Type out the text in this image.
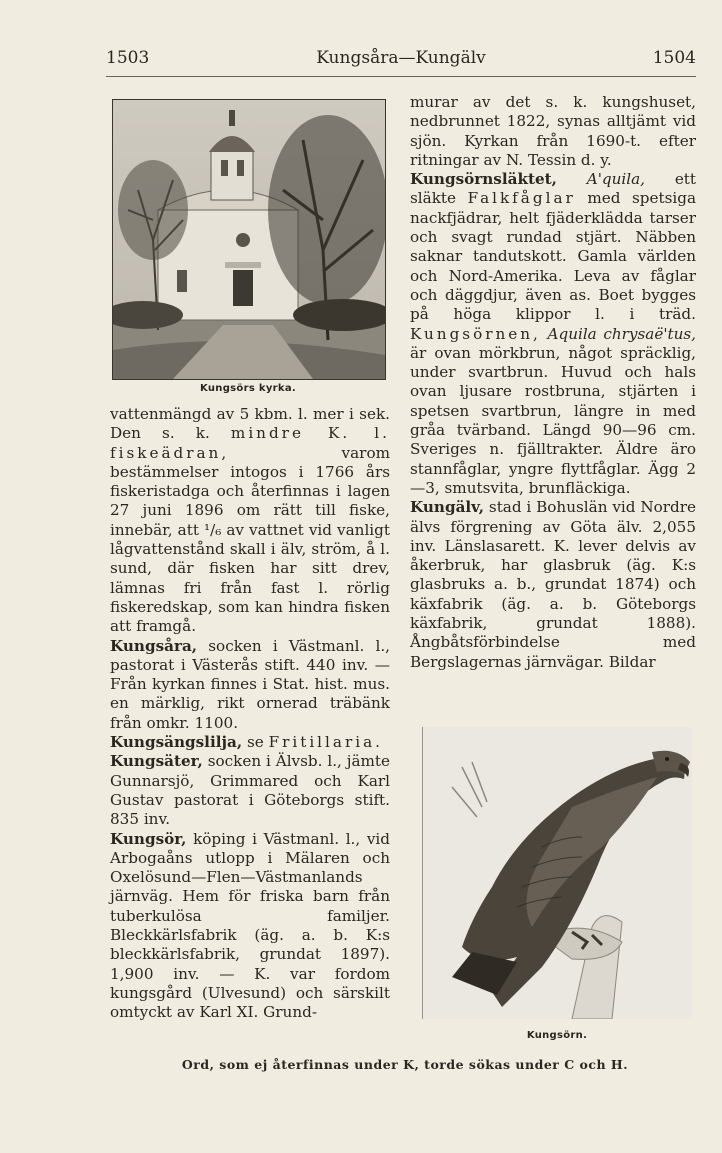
1503	Kungsåra—Kungälv	1504
Kungsörs kyrka.

vattenmängd av 5 kbm. l. mer i sek. Den s. k. mindre K. l. fiskeädran,	varom bestämmelser intogos i 1766 års fiskeristadga och återfinnas i lagen 27 juni 1896 om rätt till fiske, innebär, att ¹/₆ av vattnet vid vanligt lågvattenstånd skall i älv, ström, å l. sund, där fisken har sitt drev, lämnas fri från fast l. rörlig fiskeredskap, som kan hindra fisken att framgå.

Kungsåra, socken i Västmanl. l., pastorat i Västerås stift. 440 inv. — Från kyrkan finnes i Stat. hist. mus. en märklig, rikt ornerad träbänk från omkr. 1100.

Kungsängslilja, se Fritillaria.

Kungsäter, socken i Älvsb. l., jämte Gunnarsjö, Grimmared och Karl Gustav pastorat i Göteborgs stift. 835 inv.

Kungsör, köping i Västmanl. l., vid Arbogaåns utlopp i Mälaren och Oxelösund—Flen—Västmanlands järnväg. Hem för friska barn från tuberkulösa familjer. Bleckkärlsfabrik (äg. a. b. K:s bleckkärlsfabrik, grundat 1897). 1,900 inv. — K. var fordom kungsgård (Ulvesund) och särskilt omtyckt av Karl XI. Grund-

murar av det s. k. kungshuset, nedbrunnet 1822, synas alltjämt vid sjön. Kyrkan från 1690-t. efter ritningar av N. Tessin d. y.

Kungsörnsläktet, A'quila, ett släkte Falkfåglar med spetsiga nackfjädrar, helt fjäderklädda tarser och svagt rundad stjärt. Näbben saknar tandutskott. Gamla världen och Nord-Amerika. Leva av fåglar och däggdjur, även as. Boet bygges på höga klippor l. i träd. Kungsörnen, Aquila chrysaë'tus, är ovan mörkbrun, något spräcklig, under svartbrun. Huvud och hals ovan ljusare rostbruna, stjärten i spetsen svartbrun, längre in med gråa tvärband. Längd 90—96 cm. Sveriges n. fjälltrakter. Äldre äro stannfåglar, yngre flyttfåglar. Ägg 2—3, smutsvita, brunfläckiga.

Kungälv, stad i Bohuslän vid Nordre älvs förgrening av Göta älv. 2,055 inv. Länslasarett. K. lever delvis av åkerbruk, har glasbruk (äg. K:s glasbruks a. b., grundat 1874) och käxfabrik (äg. a. b. Göteborgs käxfabrik, grundat 1888). Ångbåtsförbindelse med Bergslagernas järnvägar. Bildar

Kungsörn.
Ord, som ej återfinnas under K, torde sökas under C och H.
